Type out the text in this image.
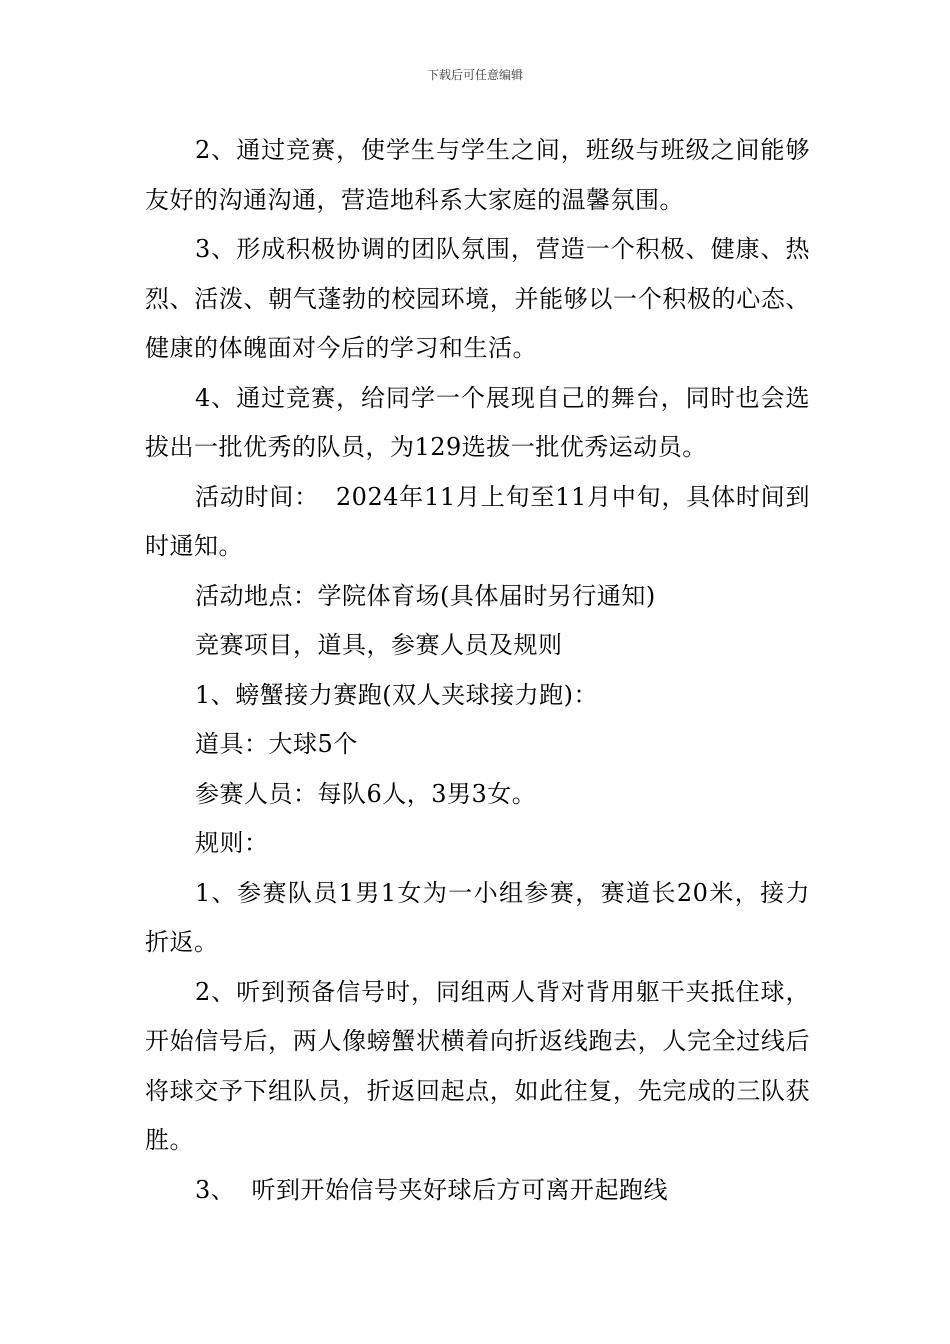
下载后可任意编辑

2、通过竞赛，使学生与学生之间，班级与班级之间能够友好的沟通沟通，营造地科系大家庭的温馨氛围。

3、形成积极协调的团队氛围，营造一个积极、健康、热烈、活泼、朝气蓬勃的校园环境，并能够以一个积极的心态、健康的体魄面对今后的学习和生活。

4、通过竞赛，给同学一个展现自己的舞台，同时也会选拔出一批优秀的队员，为129选拔一批优秀运动员。

活动时间：  2024年11月上旬至11月中旬，具体时间到时通知。

活动地点：学院体育场(具体届时另行通知)

竞赛项目，道具，参赛人员及规则

1、螃蟹接力赛跑(双人夹球接力跑)：

道具：大球5个

参赛人员：每队6人，3男3女。

规则：

1、参赛队员1男1女为一小组参赛，赛道长20米，接力折返。

2、听到预备信号时，同组两人背对背用躯干夹抵住球，开始信号后，两人像螃蟹状横着向折返线跑去，人完全过线后将球交予下组队员，折返回起点，如此往复，先完成的三队获胜。

3、  听到开始信号夹好球后方可离开起跑线
